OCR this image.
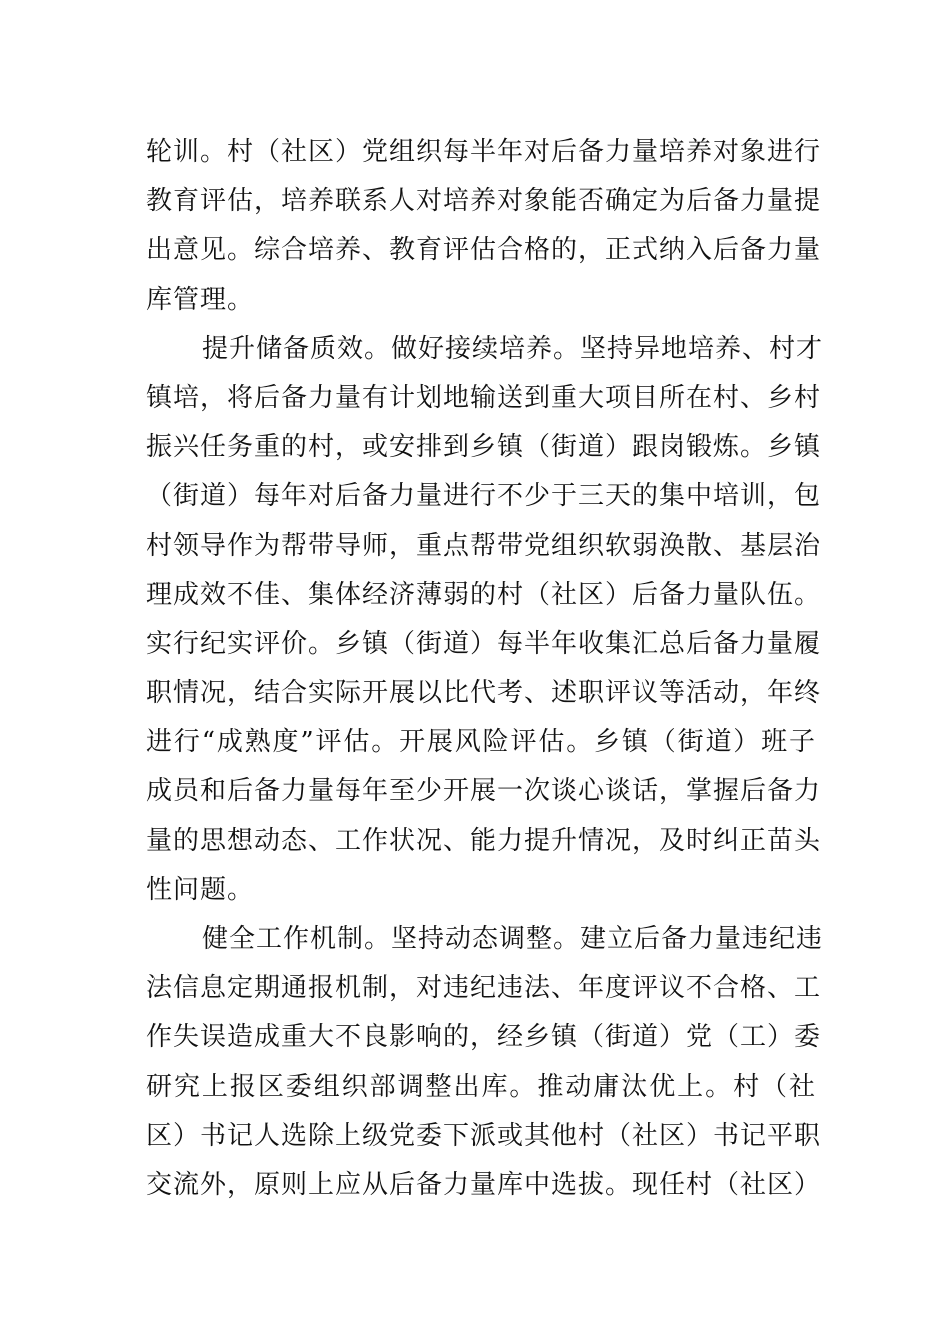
轮训。村（社区）党组织每半年对后备力量培养对象进行
教育评估，培养联系人对培养对象能否确定为后备力量提
出意见。综合培养、教育评估合格的，正式纳入后备力量
库管理。
提升储备质效。做好接续培养。坚持异地培养、村才
镇培，将后备力量有计划地输送到重大项目所在村、乡村
振兴任务重的村，或安排到乡镇（街道）跟岗锻炼。乡镇
（街道）每年对后备力量进行不少于三天的集中培训，包
村领导作为帮带导师，重点帮带党组织软弱涣散、基层治
理成效不佳、集体经济薄弱的村（社区）后备力量队伍。
实行纪实评价。乡镇（街道）每半年收集汇总后备力量履
职情况，结合实际开展以比代考、述职评议等活动，年终
进行“成熟度”评估。开展风险评估。乡镇（街道）班子
成员和后备力量每年至少开展一次谈心谈话，掌握后备力
量的思想动态、工作状况、能力提升情况，及时纠正苗头
性问题。
健全工作机制。坚持动态调整。建立后备力量违纪违
法信息定期通报机制，对违纪违法、年度评议不合格、工
作失误造成重大不良影响的，经乡镇（街道）党（工）委
研究上报区委组织部调整出库。推动庸汰优上。村（社
区）书记人选除上级党委下派或其他村（社区）书记平职
交流外，原则上应从后备力量库中选拔。现任村（社区）
